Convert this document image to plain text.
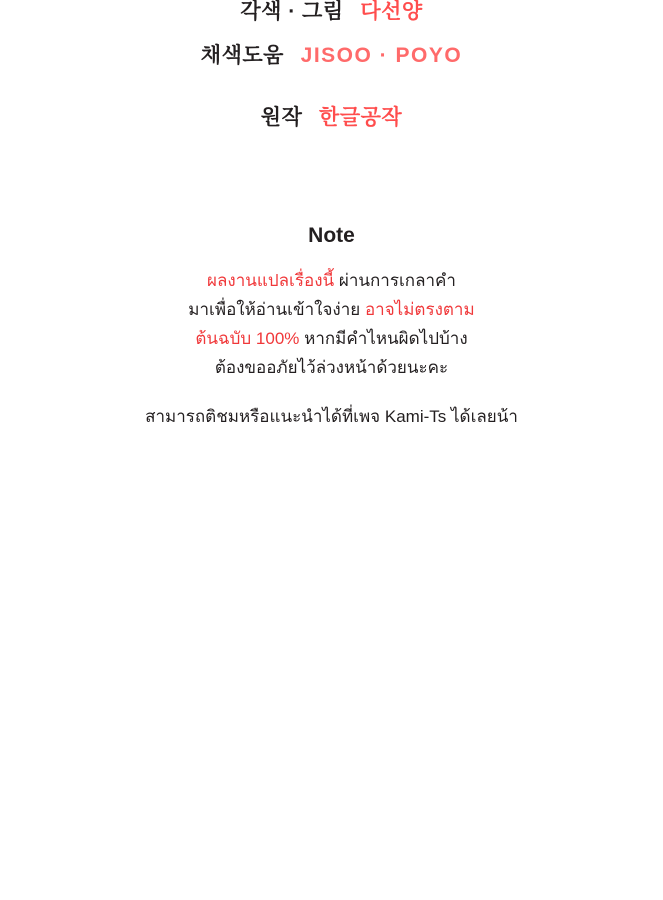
각색 · 그림 다선양
채색도움 JISOO · POYO
원작 한글공작
Note
ผลงานแปลเรื่องนี้ ผ่านการเกลาคำ
มาเพื่อให้อ่านเข้าใจง่าย อาจไม่ตรงตาม
ต้นฉบับ 100% หากมีคำไหนผิดไปบ้าง
ต้องขออภัยไว้ล่วงหน้าด้วยนะคะ
สามารถติชมหรือแนะนำได้ที่เพจ Kami-Ts ได้เลยน้า
